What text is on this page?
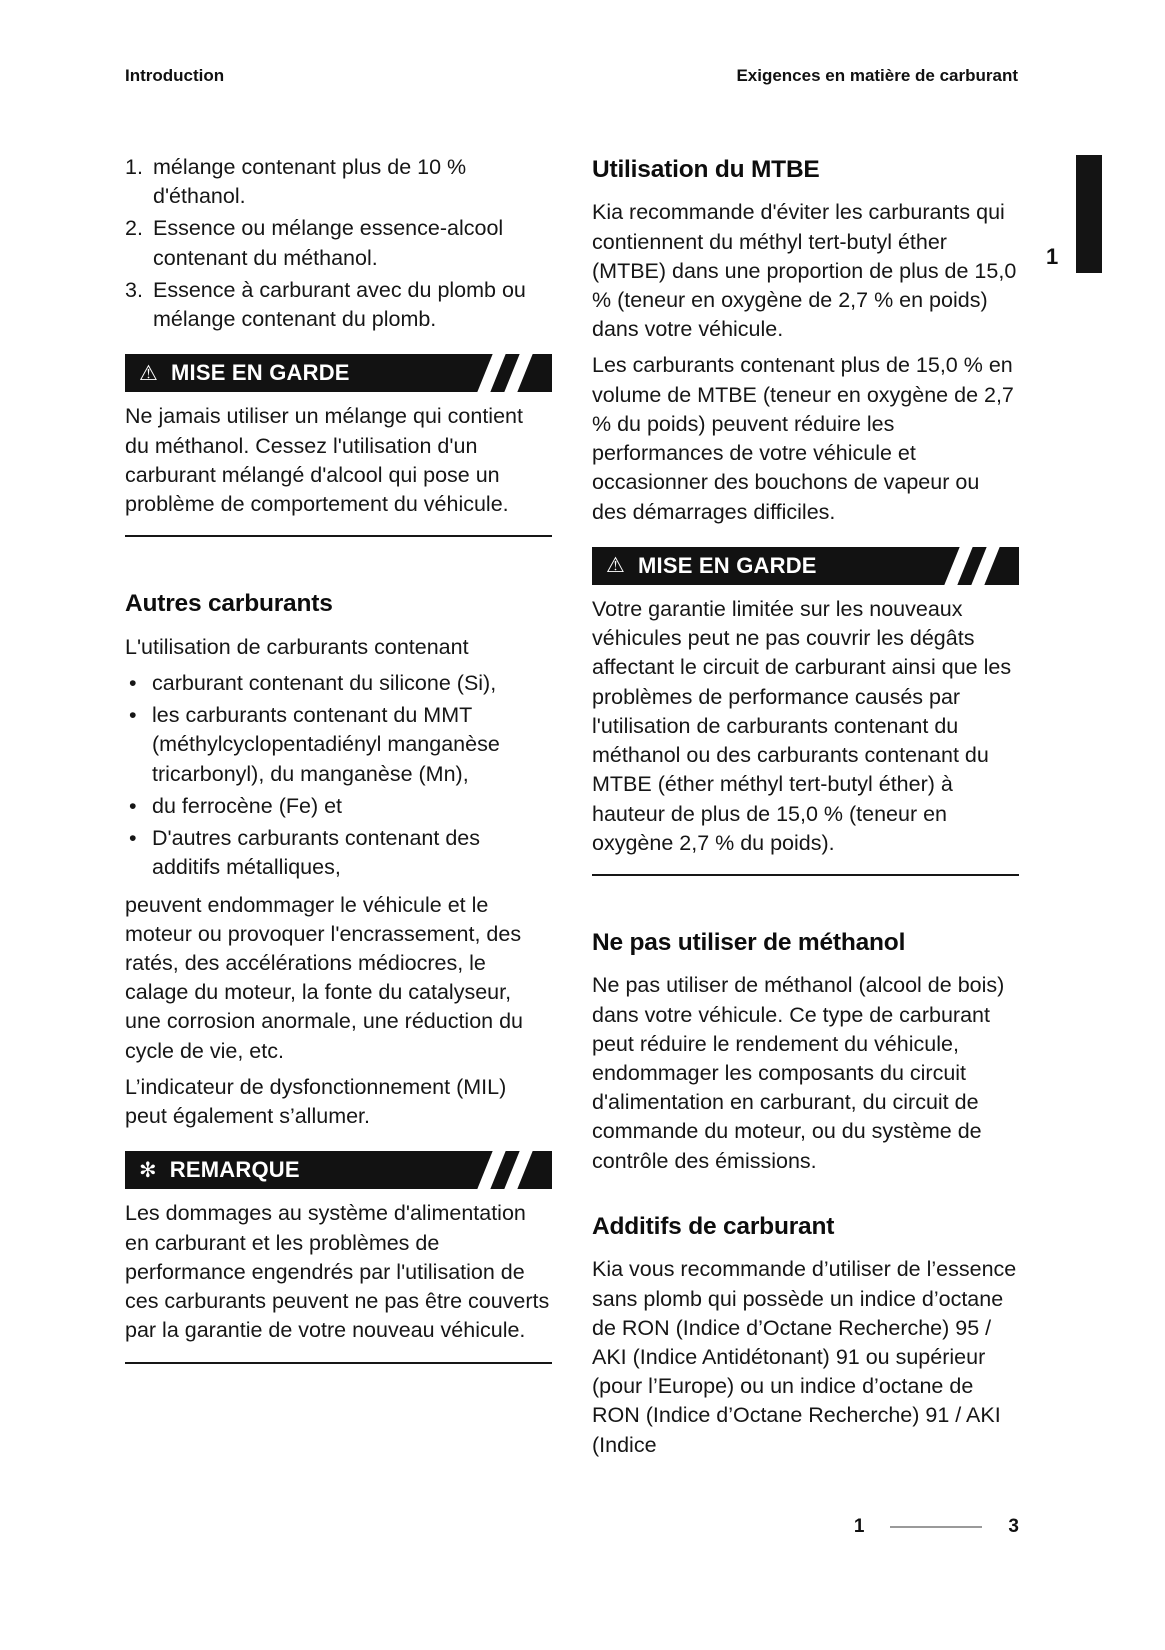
Introduction	Exigences en matière de carburant
1
1. mélange contenant plus de 10 % d'éthanol.
2. Essence ou mélange essence-alcool contenant du méthanol.
3. Essence à carburant avec du plomb ou mélange contenant du plomb.
⚠ MISE EN GARDE

Ne jamais utiliser un mélange qui contient du méthanol. Cessez l'utilisation d'un carburant mélangé d'alcool qui pose un problème de comportement du véhicule.

Autres carburants

L'utilisation de carburants contenant

• carburant contenant du silicone (Si),
• les carburants contenant du MMT (méthylcyclopentadiényl manganèse tricarbonyl), du manganèse (Mn),
• du ferrocène (Fe) et
• D'autres carburants contenant des additifs métalliques,

peuvent endommager le véhicule et le moteur ou provoquer l'encrassement, des ratés, des accélérations médiocres, le calage du moteur, la fonte du catalyseur, une corrosion anormale, une réduction du cycle de vie, etc.

L’indicateur de dysfonctionnement (MIL) peut également s’allumer.

✻ REMARQUE

Les dommages au système d'alimentation en carburant et les problèmes de performance engendrés par l'utilisation de ces carburants peuvent ne pas être couverts par la garantie de votre nouveau véhicule.

Utilisation du MTBE

Kia recommande d'éviter les carburants qui contiennent du méthyl tert-butyl éther (MTBE) dans une proportion de plus de 15,0 % (teneur en oxygène de 2,7 % en poids) dans votre véhicule.

Les carburants contenant plus de 15,0 % en volume de MTBE (teneur en oxygène de 2,7 % du poids) peuvent réduire les performances de votre véhicule et occasionner des bouchons de vapeur ou des démarrages difficiles.

⚠ MISE EN GARDE

Votre garantie limitée sur les nouveaux véhicules peut ne pas couvrir les dégâts affectant le circuit de carburant ainsi que les problèmes de performance causés par l'utilisation de carburants contenant du méthanol ou des carburants contenant du MTBE (éther méthyl tert-butyl éther) à hauteur de plus de 15,0 % (teneur en oxygène 2,7 % du poids).

Ne pas utiliser de méthanol

Ne pas utiliser de méthanol (alcool de bois) dans votre véhicule. Ce type de carburant peut réduire le rendement du véhicule, endommager les composants du circuit d'alimentation en carburant, du circuit de commande du moteur, ou du système de contrôle des émissions.

Additifs de carburant

Kia vous recommande d’utiliser de l’essence sans plomb qui possède un indice d’octane de RON (Indice d’Octane Recherche) 95 / AKI (Indice Antidétonant) 91 ou supérieur (pour l’Europe) ou un indice d’octane de RON (Indice d’Octane Recherche) 91 / AKI (Indice

1	3
